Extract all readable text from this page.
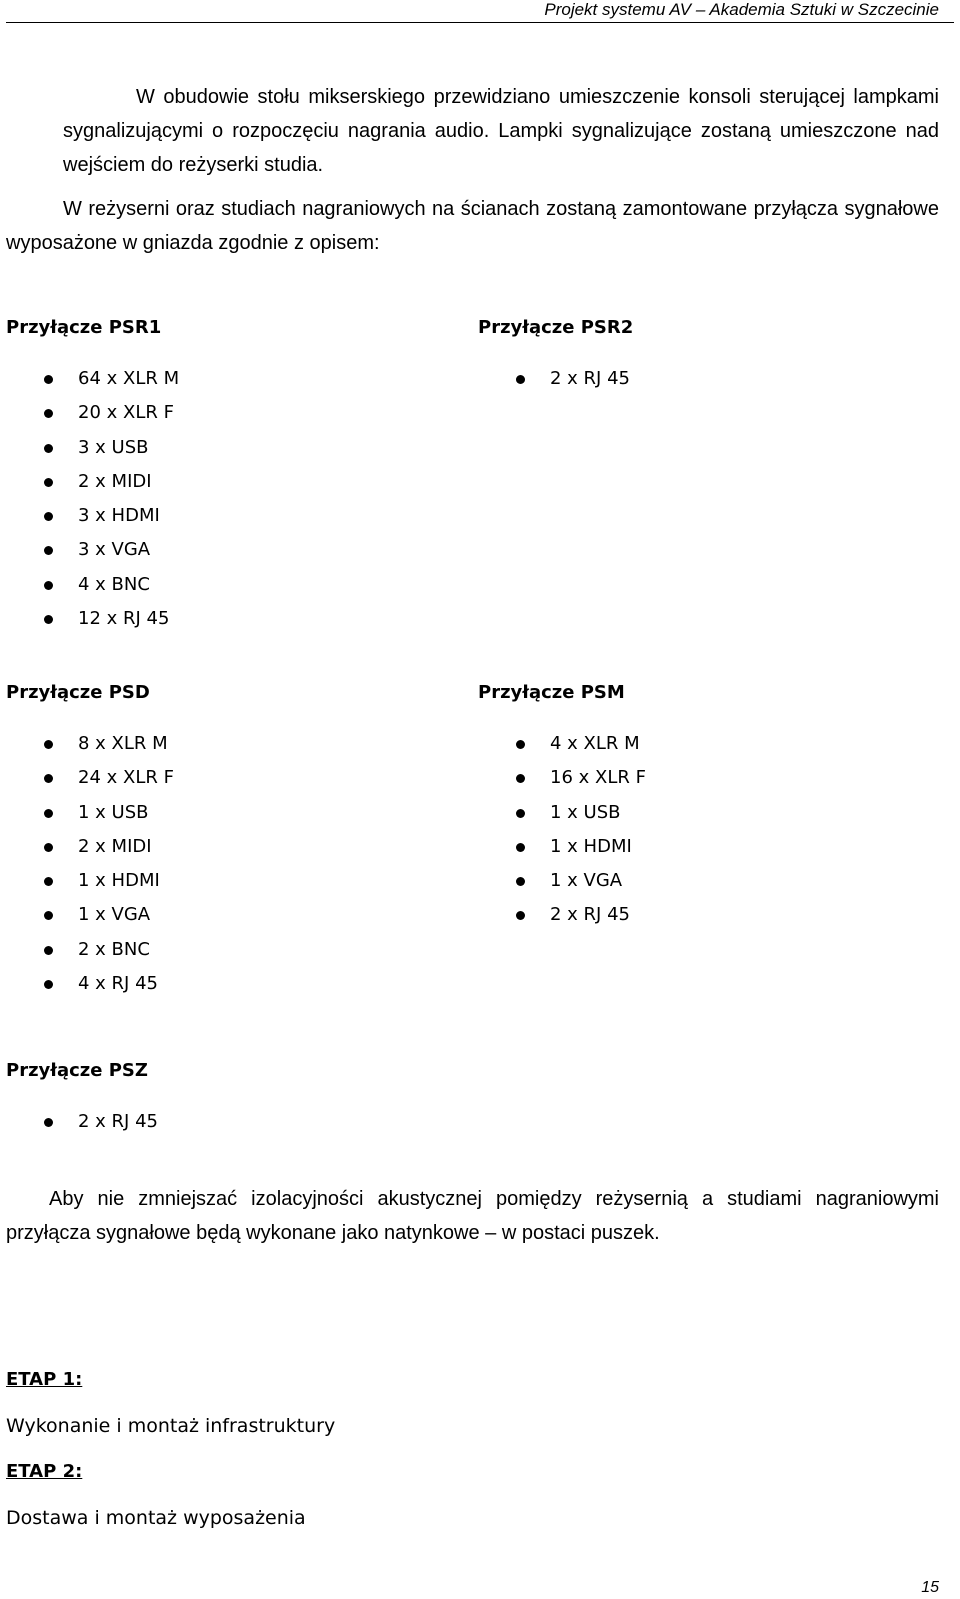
Projekt systemu AV – Akademia Sztuki w Szczecinie

W obudowie stołu mikserskiego przewidziano umieszczenie konsoli sterującej lampkami sygnalizującymi o rozpoczęciu nagrania audio. Lampki sygnalizujące zostaną umieszczone nad wejściem do reżyserki studia.

W reżyserni oraz studiach nagraniowych na ścianach zostaną zamontowane przyłącza sygnałowe wyposażone w gniazda zgodnie z opisem:

Przyłącze PSR1
64 x XLR M
20 x XLR F
3 x USB
2 x MIDI
3 x HDMI
3 x VGA
4 x BNC
12 x RJ 45
Przyłącze PSR2
2 x RJ 45
Przyłącze PSD
8 x XLR M
24 x XLR F
1 x USB
2 x MIDI
1 x HDMI
1 x VGA
2 x BNC
4 x RJ 45
Przyłącze PSM
4 x XLR M
16 x XLR F
1 x USB
1 x HDMI
1 x VGA
2 x RJ 45
Przyłącze PSZ
2 x RJ 45

Aby nie zmniejszać izolacyjności akustycznej pomiędzy reżysernią a studiami nagraniowymi przyłącza sygnałowe będą wykonane jako natynkowe – w postaci puszek.

ETAP 1:
Wykonanie i montaż infrastruktury
ETAP 2:
Dostawa i montaż wyposażenia
15
